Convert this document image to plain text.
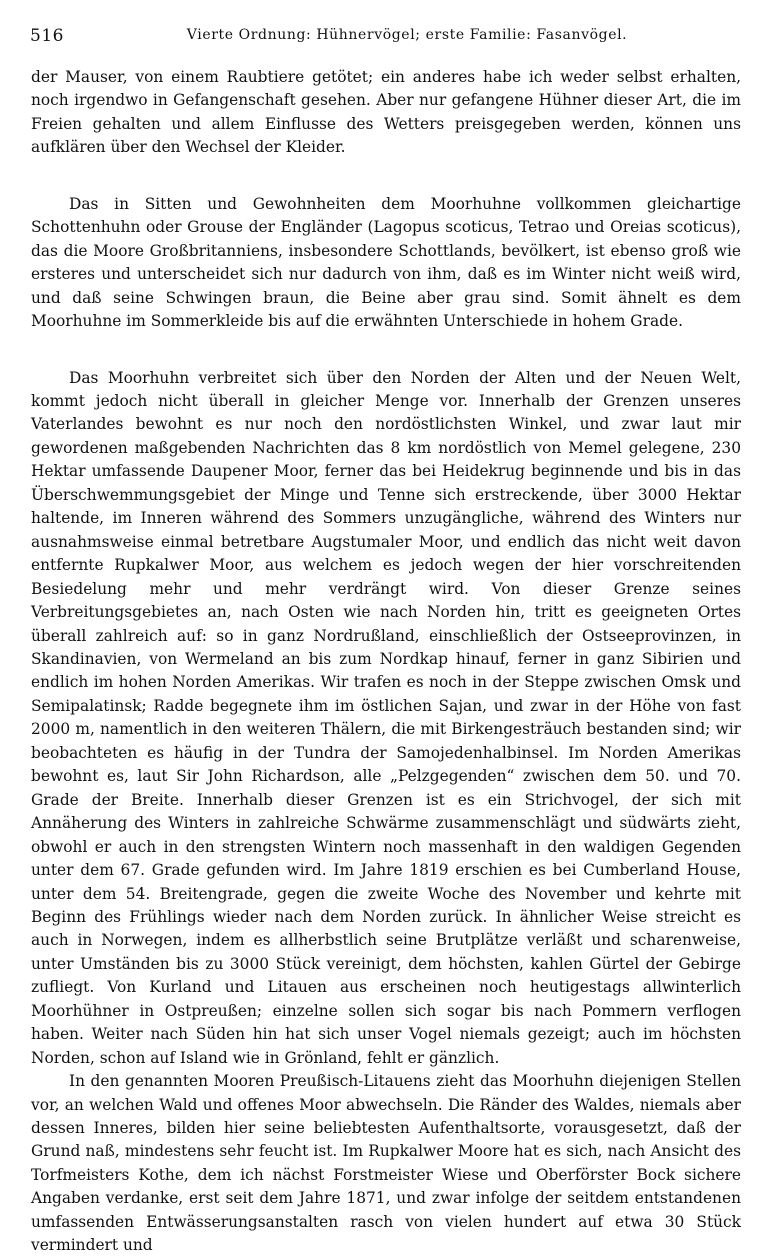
516	Vierte Ordnung: Hühnervögel; erste Familie: Fasanvögel.

der Mauser, von einem Raubtiere getötet; ein anderes habe ich weder selbst erhalten, noch irgendwo in Gefangenschaft gesehen. Aber nur gefangene Hühner dieser Art, die im Freien gehalten und allem Einflusse des Wetters preisgegeben werden, können uns aufklären über den Wechsel der Kleider.

Das in Sitten und Gewohnheiten dem Moorhuhne vollkommen gleichartige Schottenhuhn oder Grouse der Engländer (Lagopus scoticus, Tetrao und Oreias scoticus), das die Moore Großbritanniens, insbesondere Schottlands, bevölkert, ist ebenso groß wie ersteres und unterscheidet sich nur dadurch von ihm, daß es im Winter nicht weiß wird, und daß seine Schwingen braun, die Beine aber grau sind. Somit ähnelt es dem Moorhuhne im Sommerkleide bis auf die erwähnten Unterschiede in hohem Grade.

Das Moorhuhn verbreitet sich über den Norden der Alten und der Neuen Welt, kommt jedoch nicht überall in gleicher Menge vor. Innerhalb der Grenzen unseres Vaterlandes bewohnt es nur noch den nordöstlichsten Winkel, und zwar laut mir gewordenen maßgebenden Nachrichten das 8 km nordöstlich von Memel gelegene, 230 Hektar umfassende Daupener Moor, ferner das bei Heidekrug beginnende und bis in das Überschwemmungsgebiet der Minge und Tenne sich erstreckende, über 3000 Hektar haltende, im Inneren während des Sommers unzugängliche, während des Winters nur ausnahmsweise einmal betretbare Augstumaler Moor, und endlich das nicht weit davon entfernte Rupkalwer Moor, aus welchem es jedoch wegen der hier vorschreitenden Besiedelung mehr und mehr verdrängt wird. Von dieser Grenze seines Verbreitungsgebietes an, nach Osten wie nach Norden hin, tritt es geeigneten Ortes überall zahlreich auf: so in ganz Nordrußland, einschließlich der Ostseeprovinzen, in Skandinavien, von Wermeland an bis zum Nordkap hinauf, ferner in ganz Sibirien und endlich im hohen Norden Amerikas. Wir trafen es noch in der Steppe zwischen Omsk und Semipalatinsk; Radde begegnete ihm im östlichen Sajan, und zwar in der Höhe von fast 2000 m, namentlich in den weiteren Thälern, die mit Birkengesträuch bestanden sind; wir beobachteten es häufig in der Tundra der Samojedenhalbinsel. Im Norden Amerikas bewohnt es, laut Sir John Richardson, alle „Pelzgegenden“ zwischen dem 50. und 70. Grade der Breite. Innerhalb dieser Grenzen ist es ein Strichvogel, der sich mit Annäherung des Winters in zahlreiche Schwärme zusammenschlägt und südwärts zieht, obwohl er auch in den strengsten Wintern noch massenhaft in den waldigen Gegenden unter dem 67. Grade gefunden wird. Im Jahre 1819 erschien es bei Cumberland House, unter dem 54. Breitengrade, gegen die zweite Woche des November und kehrte mit Beginn des Frühlings wieder nach dem Norden zurück. In ähnlicher Weise streicht es auch in Norwegen, indem es allherbstlich seine Brutplätze verläßt und scharenweise, unter Umständen bis zu 3000 Stück vereinigt, dem höchsten, kahlen Gürtel der Gebirge zufliegt. Von Kurland und Litauen aus erscheinen noch heutigestags allwinterlich Moorhühner in Ostpreußen; einzelne sollen sich sogar bis nach Pommern verflogen haben. Weiter nach Süden hin hat sich unser Vogel niemals gezeigt; auch im höchsten Norden, schon auf Island wie in Grönland, fehlt er gänzlich.

In den genannten Mooren Preußisch-Litauens zieht das Moorhuhn diejenigen Stellen vor, an welchen Wald und offenes Moor abwechseln. Die Ränder des Waldes, niemals aber dessen Inneres, bilden hier seine beliebtesten Aufenthaltsorte, vorausgesetzt, daß der Grund naß, mindestens sehr feucht ist. Im Rupkalwer Moore hat es sich, nach Ansicht des Torfmeisters Kothe, dem ich nächst Forstmeister Wiese und Oberförster Bock sichere Angaben verdanke, erst seit dem Jahre 1871, und zwar infolge der seitdem entstandenen umfassenden Entwässerungsanstalten rasch von vielen hundert auf etwa 30 Stück vermindert und
